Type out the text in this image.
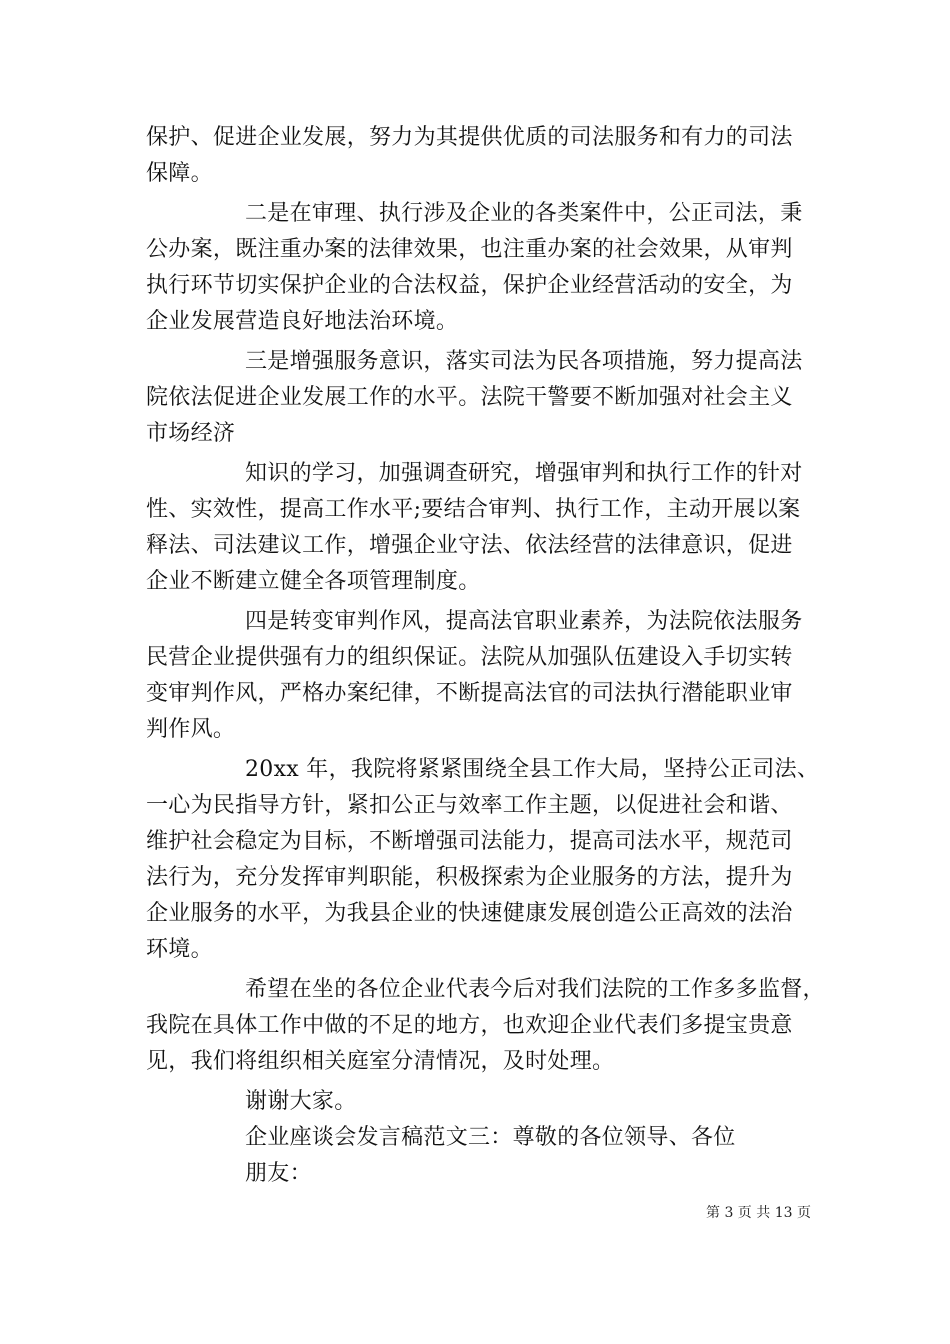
保护、促进企业发展，努力为其提供优质的司法服务和有力的司法
保障。
二是在审理、执行涉及企业的各类案件中，公正司法，秉
公办案，既注重办案的法律效果，也注重办案的社会效果，从审判
执行环节切实保护企业的合法权益，保护企业经营活动的安全，为
企业发展营造良好地法治环境。
三是增强服务意识，落实司法为民各项措施，努力提高法
院依法促进企业发展工作的水平。法院干警要不断加强对社会主义
市场经济
知识的学习，加强调查研究，增强审判和执行工作的针对
性、实效性，提高工作水平;要结合审判、执行工作，主动开展以案
释法、司法建议工作，增强企业守法、依法经营的法律意识，促进
企业不断建立健全各项管理制度。
四是转变审判作风，提高法官职业素养，为法院依法服务
民营企业提供强有力的组织保证。法院从加强队伍建设入手切实转
变审判作风，严格办案纪律，不断提高法官的司法执行潜能职业审
判作风。
20xx 年，我院将紧紧围绕全县工作大局，坚持公正司法、
一心为民指导方针，紧扣公正与效率工作主题，以促进社会和谐、
维护社会稳定为目标，不断增强司法能力，提高司法水平，规范司
法行为，充分发挥审判职能，积极探索为企业服务的方法，提升为
企业服务的水平，为我县企业的快速健康发展创造公正高效的法治
环境。
希望在坐的各位企业代表今后对我们法院的工作多多监督，
我院在具体工作中做的不足的地方，也欢迎企业代表们多提宝贵意
见，我们将组织相关庭室分清情况，及时处理。
谢谢大家。
企业座谈会发言稿范文三：尊敬的各位领导、各位
朋友：
第 3 页 共 13 页
